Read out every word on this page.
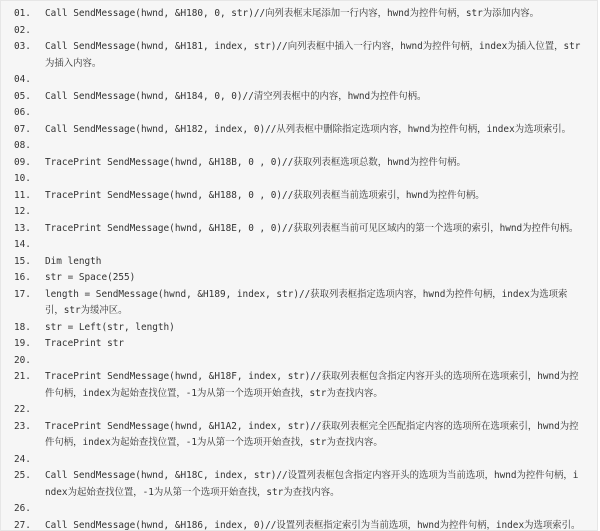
01.	Call SendMessage(hwnd, &H180, 0, str)//向列表框末尾添加一行内容，hwnd为控件句柄，str为添加内容。
02.
03.	Call SendMessage(hwnd, &H181, index, str)//向列表框中插入一行内容，hwnd为控件句柄，index为插入位置，str为插入内容。
04.
05.	Call SendMessage(hwnd, &H184, 0, 0)//清空列表框中的内容，hwnd为控件句柄。
06.
07.	Call SendMessage(hwnd, &H182, index, 0)//从列表框中删除指定选项内容，hwnd为控件句柄，index为选项索引。
08.
09.	TracePrint SendMessage(hwnd, &H18B, 0 , 0)//获取列表框选项总数，hwnd为控件句柄。
10.
11.	TracePrint SendMessage(hwnd, &H188, 0 , 0)//获取列表框当前选项索引，hwnd为控件句柄。
12.
13.	TracePrint SendMessage(hwnd, &H18E, 0 , 0)//获取列表框当前可见区域内的第一个选项的索引，hwnd为控件句柄。
14.
15.	Dim length
16.	str = Space(255)
17.	length = SendMessage(hwnd, &H189, index, str)//获取列表框指定选项内容，hwnd为控件句柄，index为选项索引，str为缓冲区。
18.	str = Left(str, length)
19.	TracePrint str
20.
21.	TracePrint SendMessage(hwnd, &H18F, index, str)//获取列表框包含指定内容开头的选项所在选项索引，hwnd为控件句柄，index为起始查找位置，-1为从第一个选项开始查找，str为查找内容。
22.
23.	TracePrint SendMessage(hwnd, &H1A2, index, str)//获取列表框完全匹配指定内容的选项所在选项索引，hwnd为控件句柄，index为起始查找位置，-1为从第一个选项开始查找，str为查找内容。
24.
25.	Call SendMessage(hwnd, &H18C, index, str)//设置列表框包含指定内容开头的选项为当前选项，hwnd为控件句柄，index为起始查找位置，-1为从第一个选项开始查找，str为查找内容。
26.
27.	Call SendMessage(hwnd, &H186, index, 0)//设置列表框指定索引为当前选项，hwnd为控件句柄，index为选项索引。
